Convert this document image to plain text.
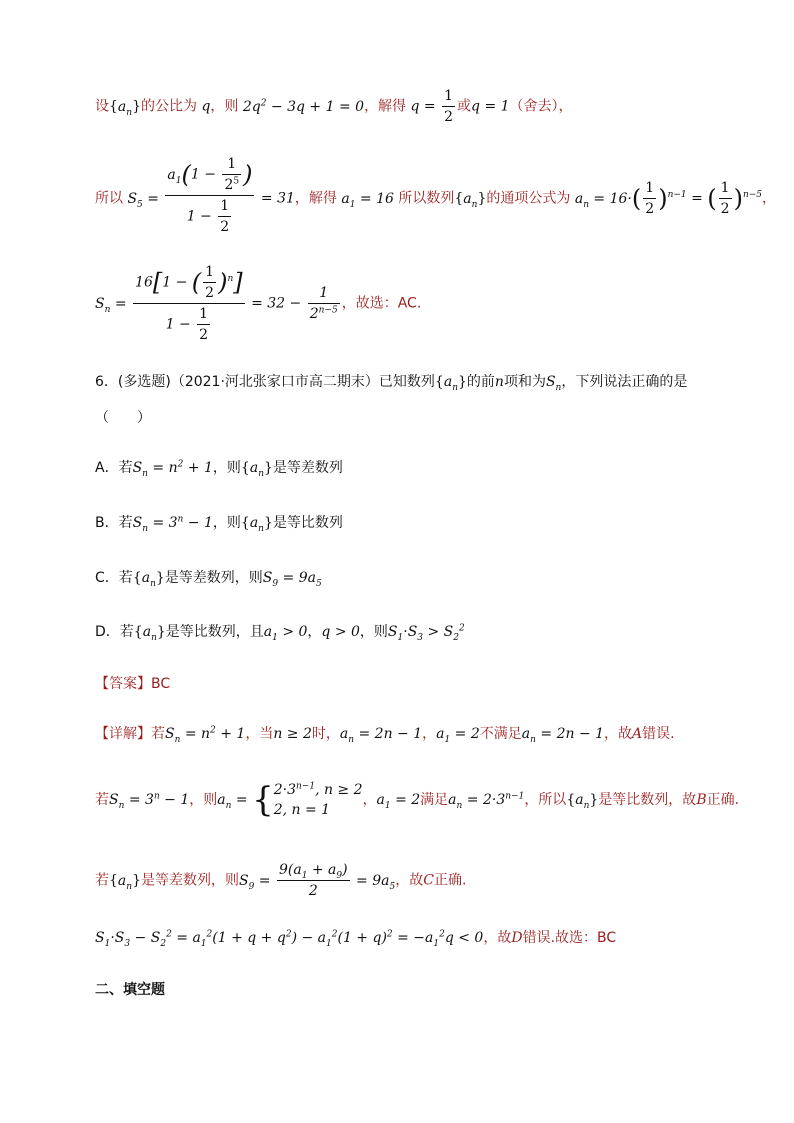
设$\{a_n\}$的公比为 q，则 $2q^2 - 3q + 1 = 0$，解得 $q = \frac{1}{2}$ 或q = 1（舍去），
所以 $S_5 = \frac{a_1(1 - \frac{1}{2^5} )}{1 - \frac{1}{2}} = 31$，解得 $a_1 = 16$ 所以数列$\{a_n\}$的通项公式为 $a_n = 16\cdot( \frac{1}{2} )^{n-1}$ = ( $\frac{1}{2} )^{n-5}$，
$S_n = \frac{16[1 - ( \frac{1}{2} )^n]}{1 - \frac{1}{2}} = 32 - \frac{1}{2^{n-5}}$ ，故选：AC.
6．(多选题)（2021·河北张家口市高二期末）已知数列$\{a_n\}$的前n项和为$S_n$，下列说法正确的是
（　　）
A．若$S_n = n^2 + 1$，则$\{a_n\}$是等差数列
B．若$S_n = 3^n - 1$，则$\{a_n\}$是等比数列
C．若$\{a_n\}$是等差数列，则$S_9 = 9a_5$
D．若$\{a_n\}$是等比数列，且$a_1 > 0$，q > 0，则$S_1\cdot S_3 > S_2^2$
【答案】BC
【详解】若$S_n = n^2 + 1$，当n ≥ 2时，$a_n = 2n - 1$，$a_1 = 2$不满足$a_n = 2n - 1$，故A错误.
若$S_n = 3^n - 1$，则$a_n$ = { $2\cdot 3^{n-1}$, n ≥ 2
2, n = 1
，$a_1 = 2$满足$a_n = 2\cdot 3^{n-1}$，所以$\{a_n\}$是等比数列，故B正确.
若$\{a_n\}$是等差数列，则$S_9 = \frac{9(a_1 + a_9)}{2} = 9a_5$，故C正确.
$S_1\cdot S_3 - S_2^2 = a_1^2(1 + q + q^2) - a_1^2(1 + q)^2 = -a_1^2q < 0$，故D错误.故选：BC
二、填空题
